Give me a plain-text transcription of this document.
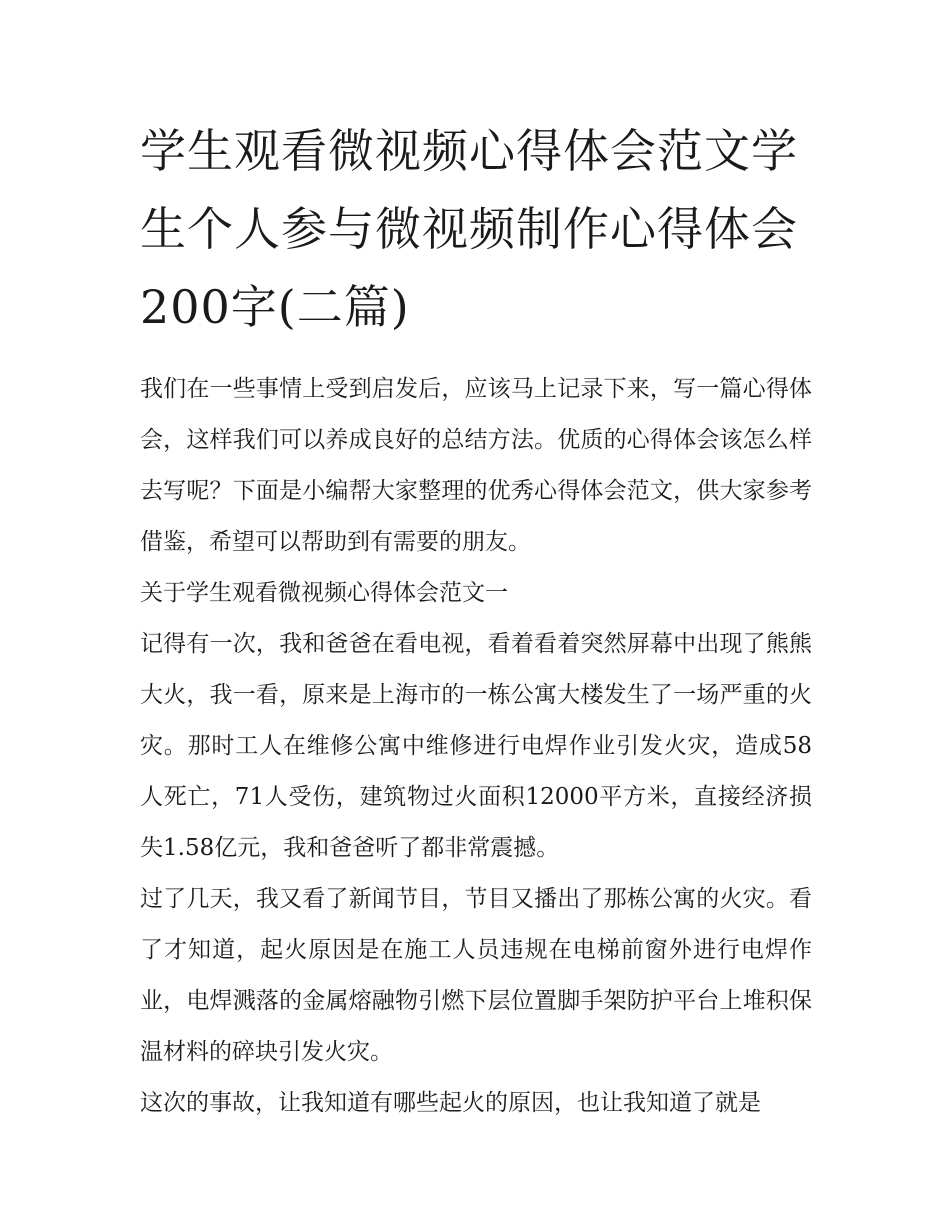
学生观看微视频心得体会范文学生个人参与微视频制作心得体会200字(二篇)

我们在一些事情上受到启发后，应该马上记录下来，写一篇心得体会，这样我们可以养成良好的总结方法。优质的心得体会该怎么样去写呢？下面是小编帮大家整理的优秀心得体会范文，供大家参考借鉴，希望可以帮助到有需要的朋友。

关于学生观看微视频心得体会范文一

记得有一次，我和爸爸在看电视，看着看着突然屏幕中出现了熊熊大火，我一看，原来是上海市的一栋公寓大楼发生了一场严重的火灾。那时工人在维修公寓中维修进行电焊作业引发火灾，造成58人死亡，71人受伤，建筑物过火面积12000平方米，直接经济损失1.58亿元，我和爸爸听了都非常震撼。

过了几天，我又看了新闻节目，节目又播出了那栋公寓的火灾。看了才知道，起火原因是在施工人员违规在电梯前窗外进行电焊作业，电焊溅落的金属熔融物引燃下层位置脚手架防护平台上堆积保温材料的碎块引发火灾。

这次的事故，让我知道有哪些起火的原因，也让我知道了就是
